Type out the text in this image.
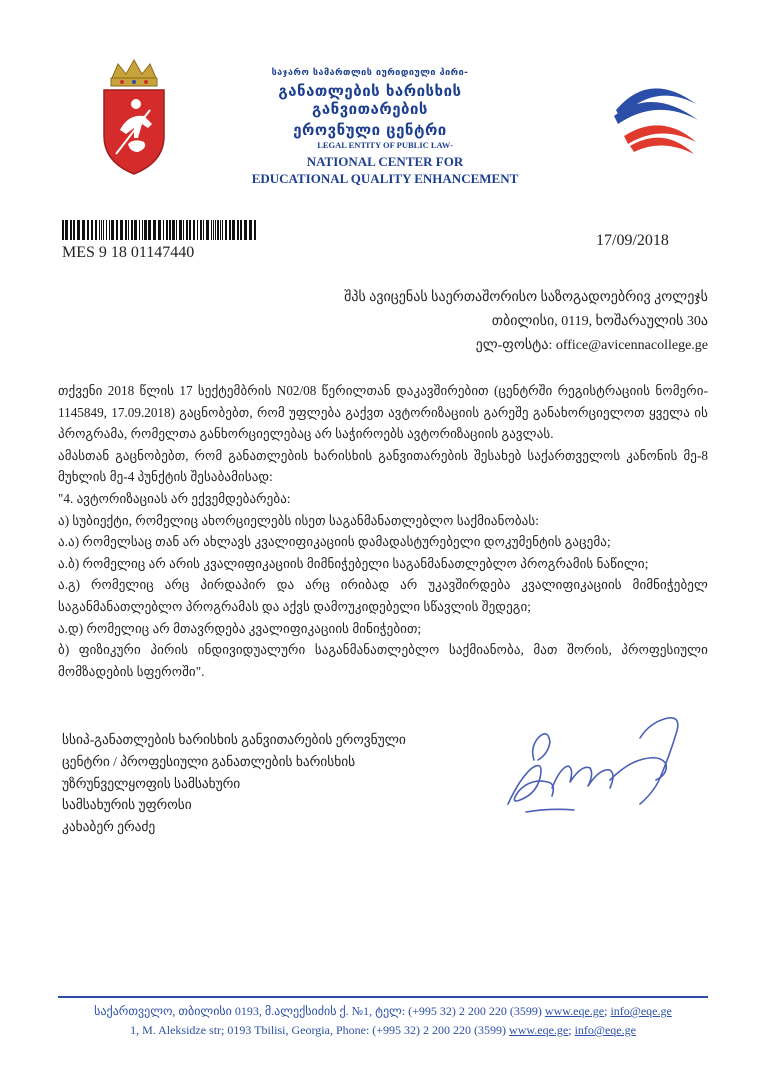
საჯარო სამართლის იურიდიული პირი-
განათლების ხარისხის განვითარების
ეროვნული ცენტრი
LEGAL ENTITY OF PUBLIC LAW-
NATIONAL CENTER FOR
EDUCATIONAL QUALITY ENHANCEMENT
MES 9 18 01147440
17/09/2018
შპს ავიცენას საერთაშორისო საზოგადოებრივ კოლეჯს
თბილისი, 0119, ხოშარაულის 30ა
ელ-ფოსტა: office@avicennacollege.ge

თქვენი 2018 წლის 17 სექტემბრის N02/08 წერილთან დაკავშირებით (ცენტრში რეგისტრაციის ნომერი- 1145849, 17.09.2018) გაცნობებთ, რომ უფლება გაქვთ ავტორიზაციის გარეშე განახორციელოთ ყველა ის პროგრამა, რომელთა განხორციელებაც არ საჭიროებს ავტორიზაციის გავლას.

ამასთან გაცნობებთ, რომ განათლების ხარისხის განვითარების შესახებ საქართველოს კანონის მე-8 მუხლის მე-4 პუნქტის შესაბამისად:

"4. ავტორიზაციას არ ექვემდებარება:

ა) სუბიექტი, რომელიც ახორციელებს ისეთ საგანმანათლებლო საქმიანობას:

ა.ა) რომელსაც თან არ ახლავს კვალიფიკაციის დამადასტურებელი დოკუმენტის გაცემა;

ა.ბ) რომელიც არ არის კვალიფიკაციის მიმნიჭებელი საგანმანათლებლო პროგრამის ნაწილი;

ა.გ) რომელიც არც პირდაპირ და არც ირიბად არ უკავშირდება კვალიფიკაციის მიმნიჭებელ საგანმანათლებლო პროგრამას და აქვს დამოუკიდებელი სწავლის შედეგი;

ა.დ) რომელიც არ მთავრდება კვალიფიკაციის მინიჭებით;

ბ) ფიზიკური პირის ინდივიდუალური საგანმანათლებლო საქმიანობა, მათ შორის, პროფესიული მომზადების სფეროში".

სსიპ-განათლების ხარისხის განვითარების ეროვნული
ცენტრი / პროფესიული განათლების ხარისხის
უზრუნველყოფის სამსახური
სამსახურის უფროსი
კახაბერ ერაძე
საქართველო, თბილისი 0193, მ.ალექსიძის ქ. №1, ტელ: (+995 32) 2 200 220 (3599) www.eqe.ge; info@eqe.ge
1, M. Aleksidze str; 0193 Tbilisi, Georgia, Phone: (+995 32) 2 200 220 (3599) www.eqe.ge; info@eqe.ge
